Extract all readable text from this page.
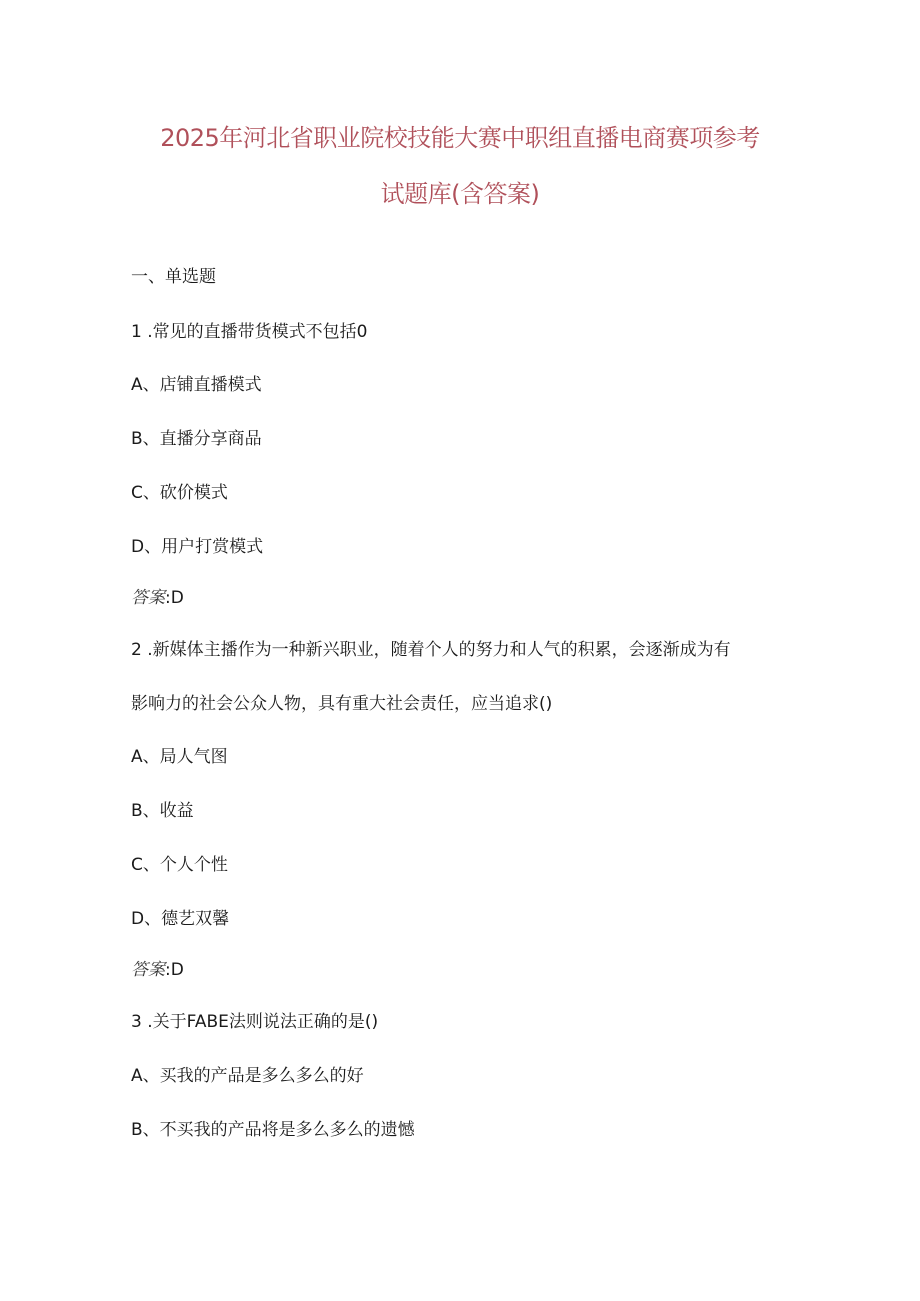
2025年河北省职业院校技能大赛中职组直播电商赛项参考
试题库(含答案)
一、单选题
1 .常见的直播带货模式不包括0
A、店铺直播模式
B、直播分享商品
C、砍价模式
D、用户打赏模式
答案:D
2 .新媒体主播作为一种新兴职业，随着个人的努力和人气的积累，会逐渐成为有
影响力的社会公众人物，具有重大社会责任，应当追求()
A、局人气图
B、收益
C、个人个性
D、德艺双馨
答案:D
3 .关于FABE法则说法正确的是()
A、买我的产品是多么多么的好
B、不买我的产品将是多么多么的遗憾
